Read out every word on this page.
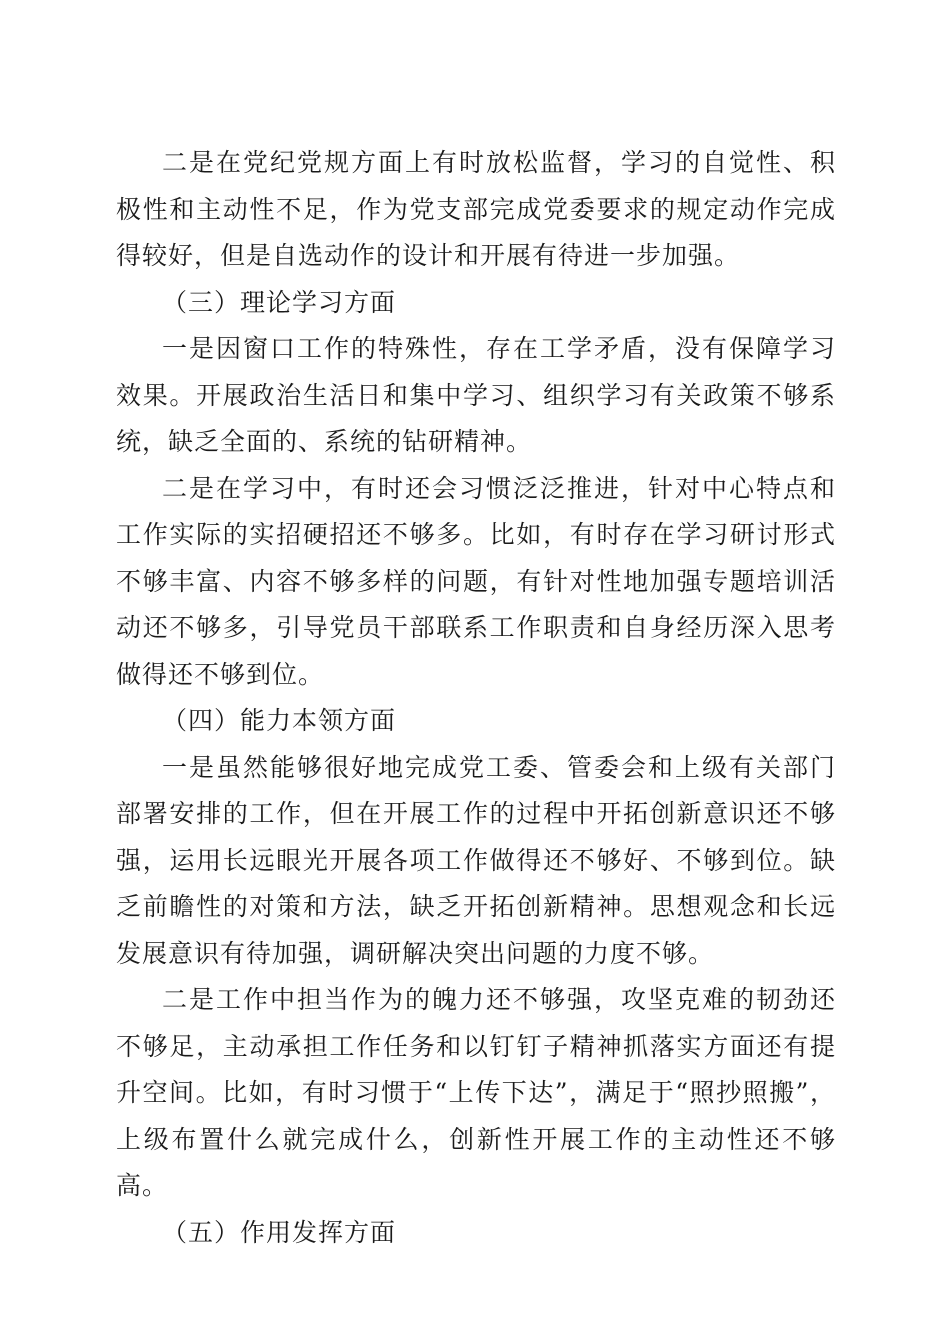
二是在党纪党规方面上有时放松监督，学习的自觉性、积极性和主动性不足，作为党支部完成党委要求的规定动作完成得较好，但是自选动作的设计和开展有待进一步加强。

（三）理论学习方面

一是因窗口工作的特殊性，存在工学矛盾，没有保障学习效果。开展政治生活日和集中学习、组织学习有关政策不够系统，缺乏全面的、系统的钻研精神。

二是在学习中，有时还会习惯泛泛推进，针对中心特点和工作实际的实招硬招还不够多。比如，有时存在学习研讨形式不够丰富、内容不够多样的问题，有针对性地加强专题培训活动还不够多，引导党员干部联系工作职责和自身经历深入思考做得还不够到位。

（四）能力本领方面

一是虽然能够很好地完成党工委、管委会和上级有关部门部署安排的工作，但在开展工作的过程中开拓创新意识还不够强，运用长远眼光开展各项工作做得还不够好、不够到位。缺乏前瞻性的对策和方法，缺乏开拓创新精神。思想观念和长远发展意识有待加强，调研解决突出问题的力度不够。

二是工作中担当作为的魄力还不够强，攻坚克难的韧劲还不够足，主动承担工作任务和以钉钉子精神抓落实方面还有提升空间。比如，有时习惯于“上传下达”，满足于“照抄照搬”，上级布置什么就完成什么，创新性开展工作的主动性还不够高。

（五）作用发挥方面
